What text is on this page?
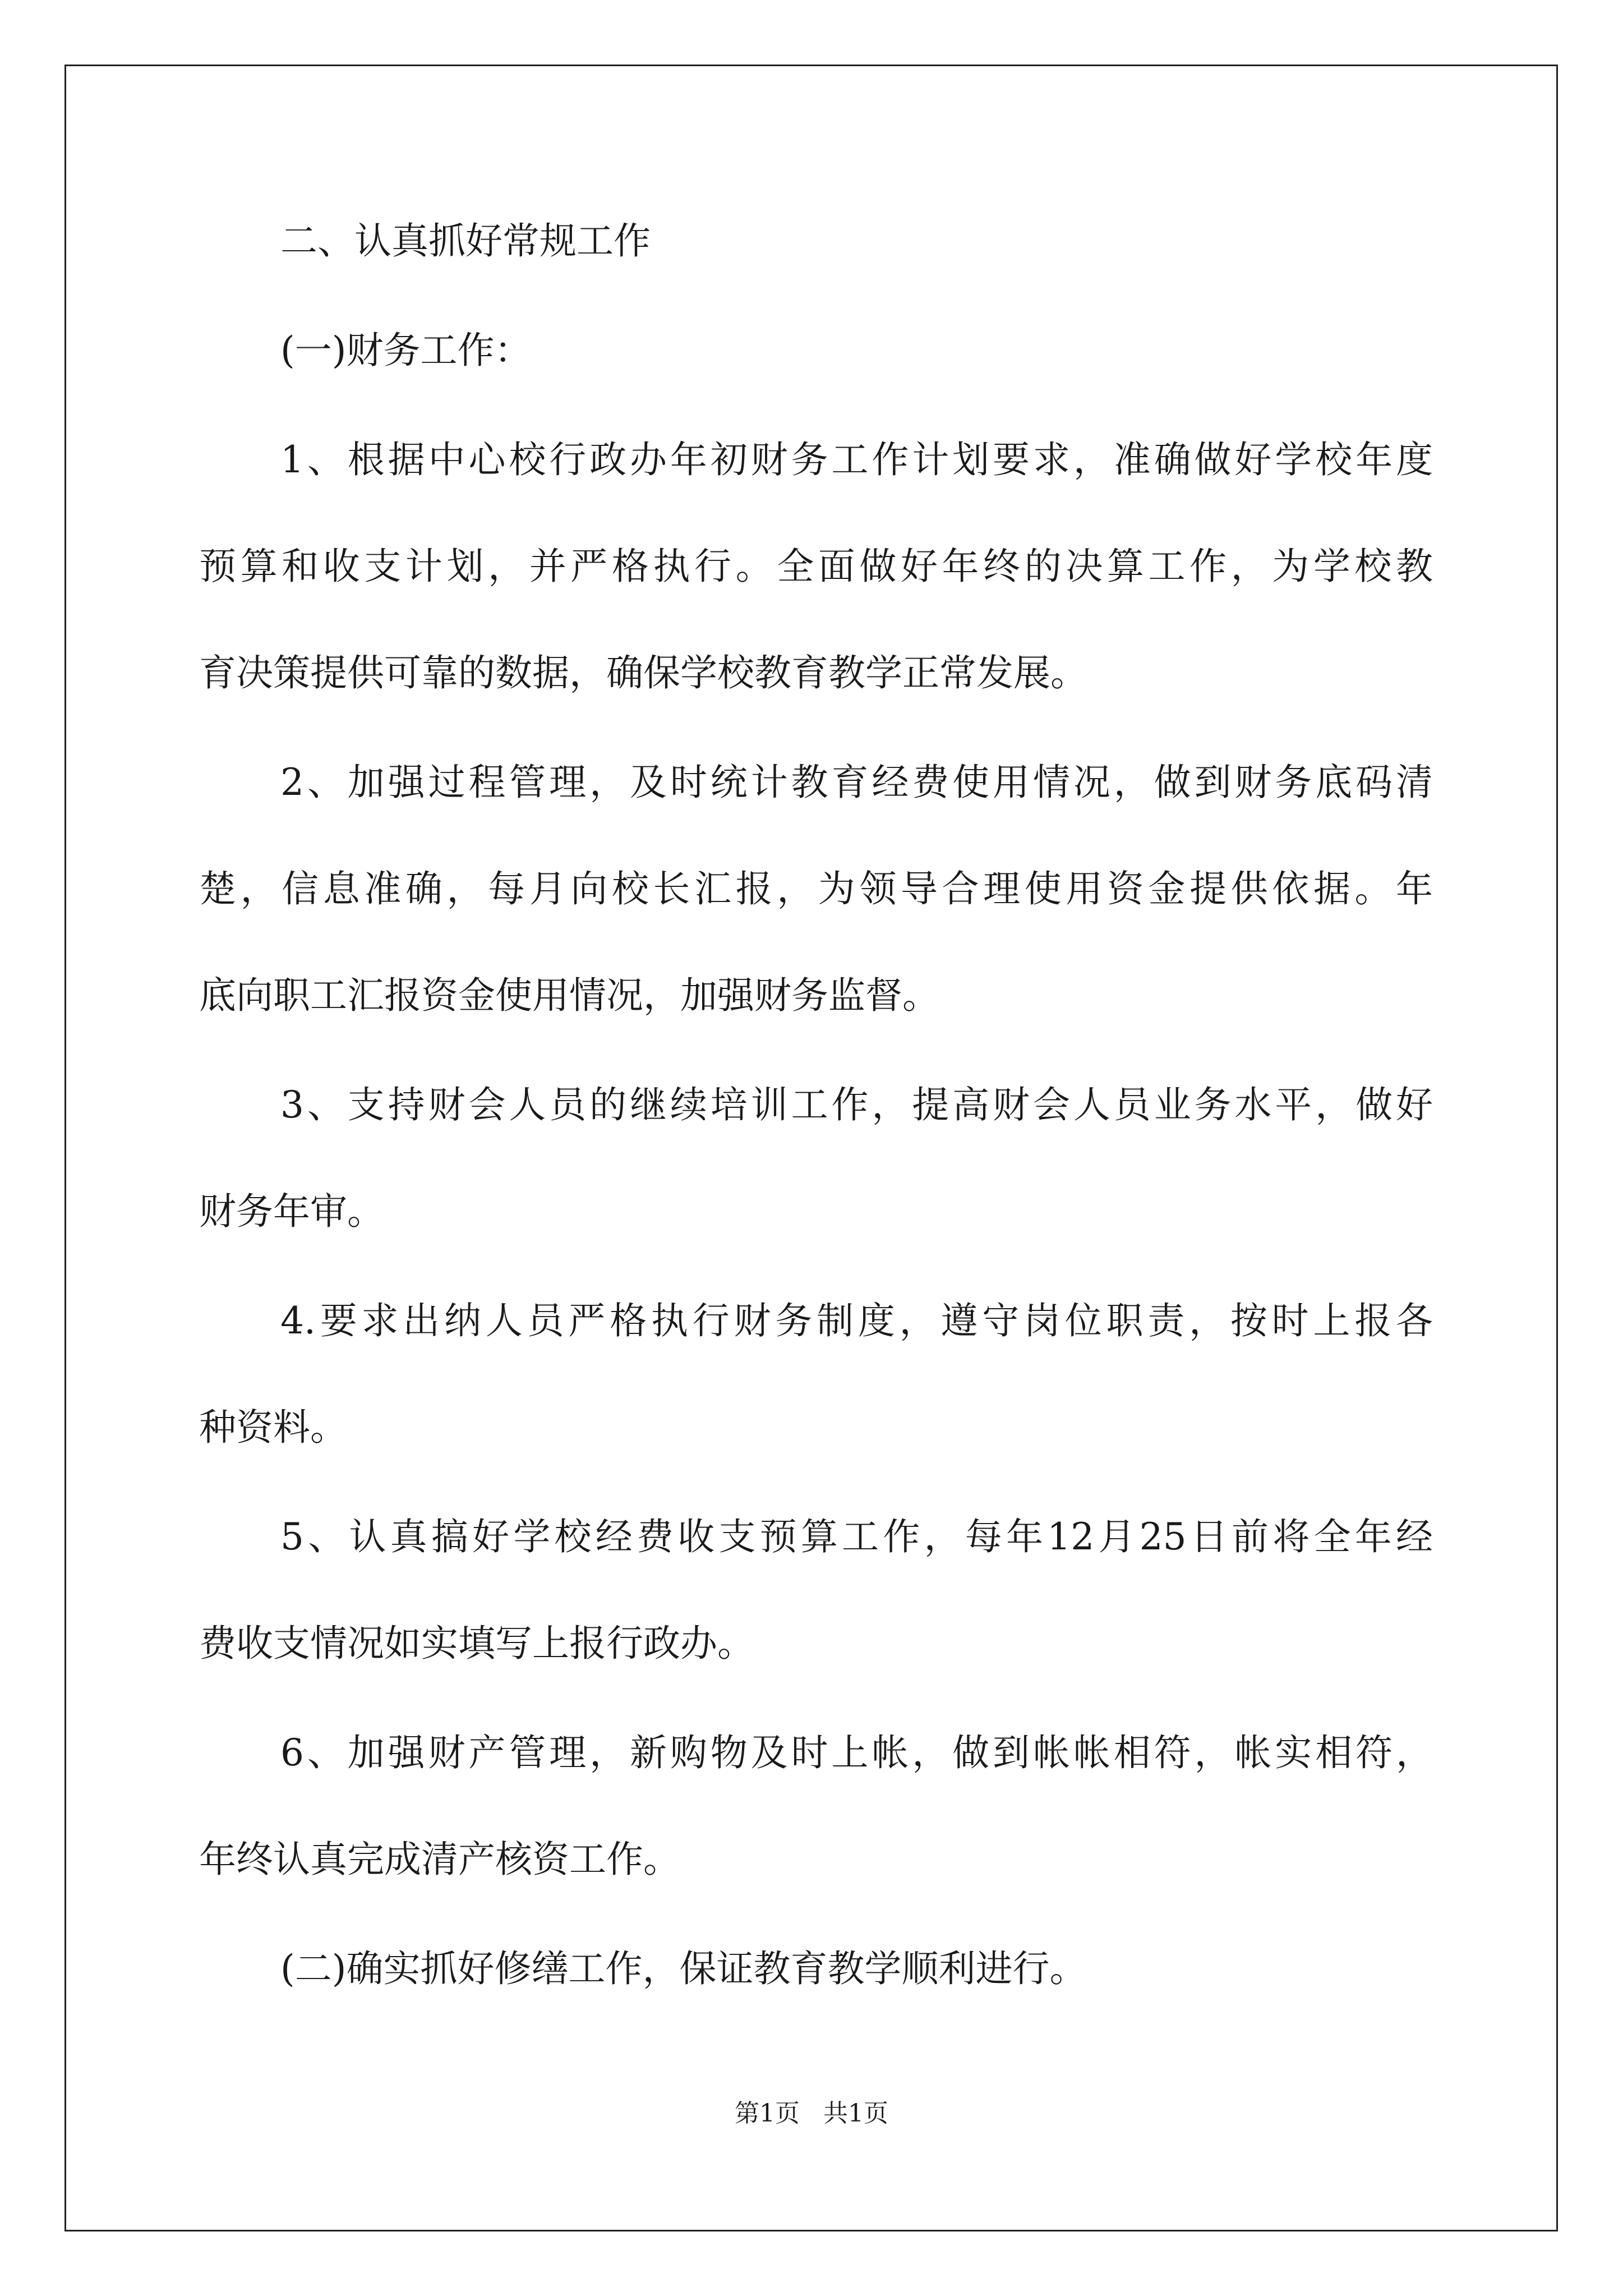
二、认真抓好常规工作
(一)财务工作：
1、根据中心校行政办年初财务工作计划要求，准确做好学校年度
预算和收支计划，并严格执行。全面做好年终的决算工作，为学校教
育决策提供可靠的数据，确保学校教育教学正常发展。
2、加强过程管理，及时统计教育经费使用情况，做到财务底码清
楚，信息准确，每月向校长汇报，为领导合理使用资金提供依据。年
底向职工汇报资金使用情况，加强财务监督。
3、支持财会人员的继续培训工作，提高财会人员业务水平，做好
财务年审。
4.要求出纳人员严格执行财务制度，遵守岗位职责，按时上报各
种资料。
5、认真搞好学校经费收支预算工作，每年12月25日前将全年经
费收支情况如实填写上报行政办。
6、加强财产管理，新购物及时上帐，做到帐帐相符，帐实相符，
年终认真完成清产核资工作。
(二)确实抓好修缮工作，保证教育教学顺利进行。
第1页 共1页
